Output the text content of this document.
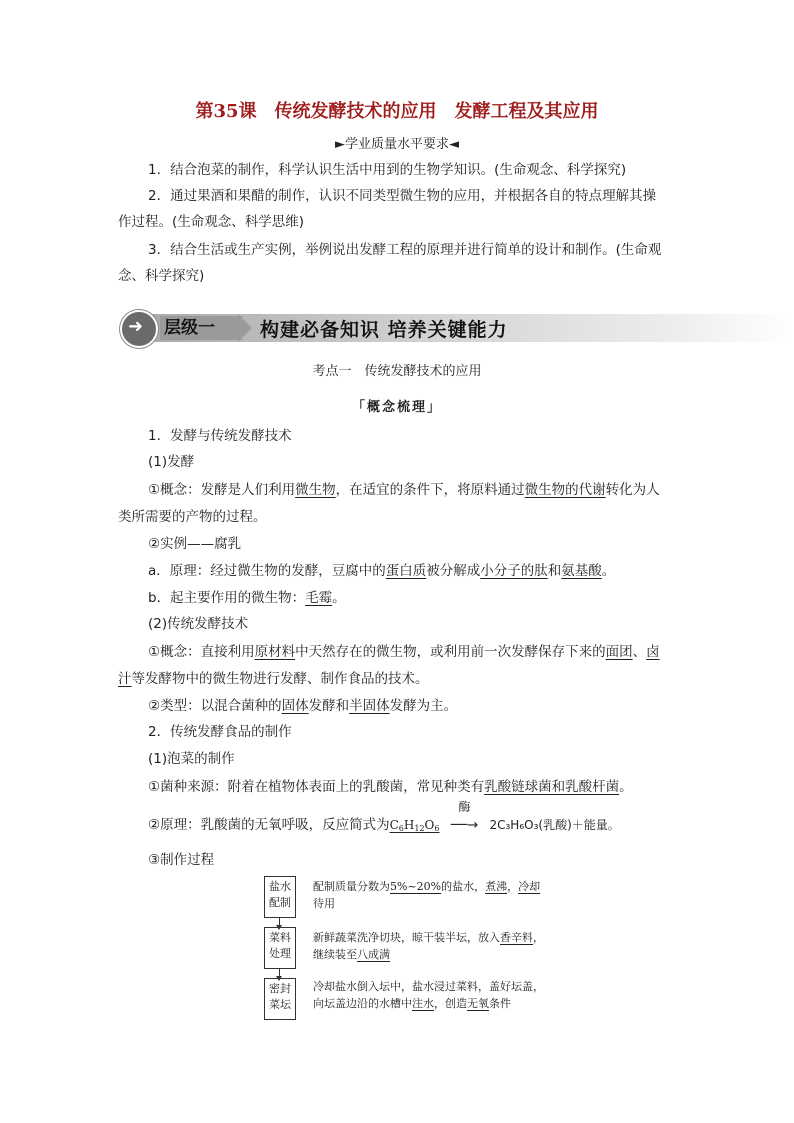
第35课　传统发酵技术的应用　发酵工程及其应用
►学业质量水平要求◄
1．结合泡菜的制作，科学认识生活中用到的生物学知识。(生命观念、科学探究)
2．通过果酒和果醋的制作，认识不同类型微生物的应用，并根据各自的特点理解其操
作过程。(生命观念、科学思维)
3．结合生活或生产实例，举例说出发酵工程的原理并进行简单的设计和制作。(生命观
念、科学探究)
➜ 层级一	构建必备知识 培养关键能力
考点一　传统发酵技术的应用
「概念梳理」
1．发酵与传统发酵技术
(1)发酵
①概念：发酵是人们利用微生物，在适宜的条件下，将原料通过微生物的代谢转化为人
类所需要的产物的过程。
②实例——腐乳
a．原理：经过微生物的发酵，豆腐中的蛋白质被分解成小分子的肽和氨基酸。
b．起主要作用的微生物：毛霉。
(2)传统发酵技术
①概念：直接利用原材料中天然存在的微生物，或利用前一次发酵保存下来的面团、卤
汁等发酵物中的微生物进行发酵、制作食品的技术。
②类型：以混合菌种的固体发酵和半固体发酵为主。
2．传统发酵食品的制作
(1)泡菜的制作
①菌种来源：附着在植物体表面上的乳酸菌，常见种类有乳酸链球菌和乳酸杆菌。
②原理：乳酸菌的无氧呼吸，反应简式为$C_6H_{12}O_6$
酶
──→ 2C₃H₆O₃(乳酸)＋能量。
③制作过程
盐水
配制
配制质量分数为5%~20%的盐水，煮沸，冷却
待用
菜料
处理
新鲜蔬菜洗净切块，晾干装半坛，放入香辛料，
继续装至八成满
密封
菜坛
冷却盐水倒入坛中，盐水浸过菜料，盖好坛盖，
向坛盖边沿的水槽中注水，创造无氧条件
